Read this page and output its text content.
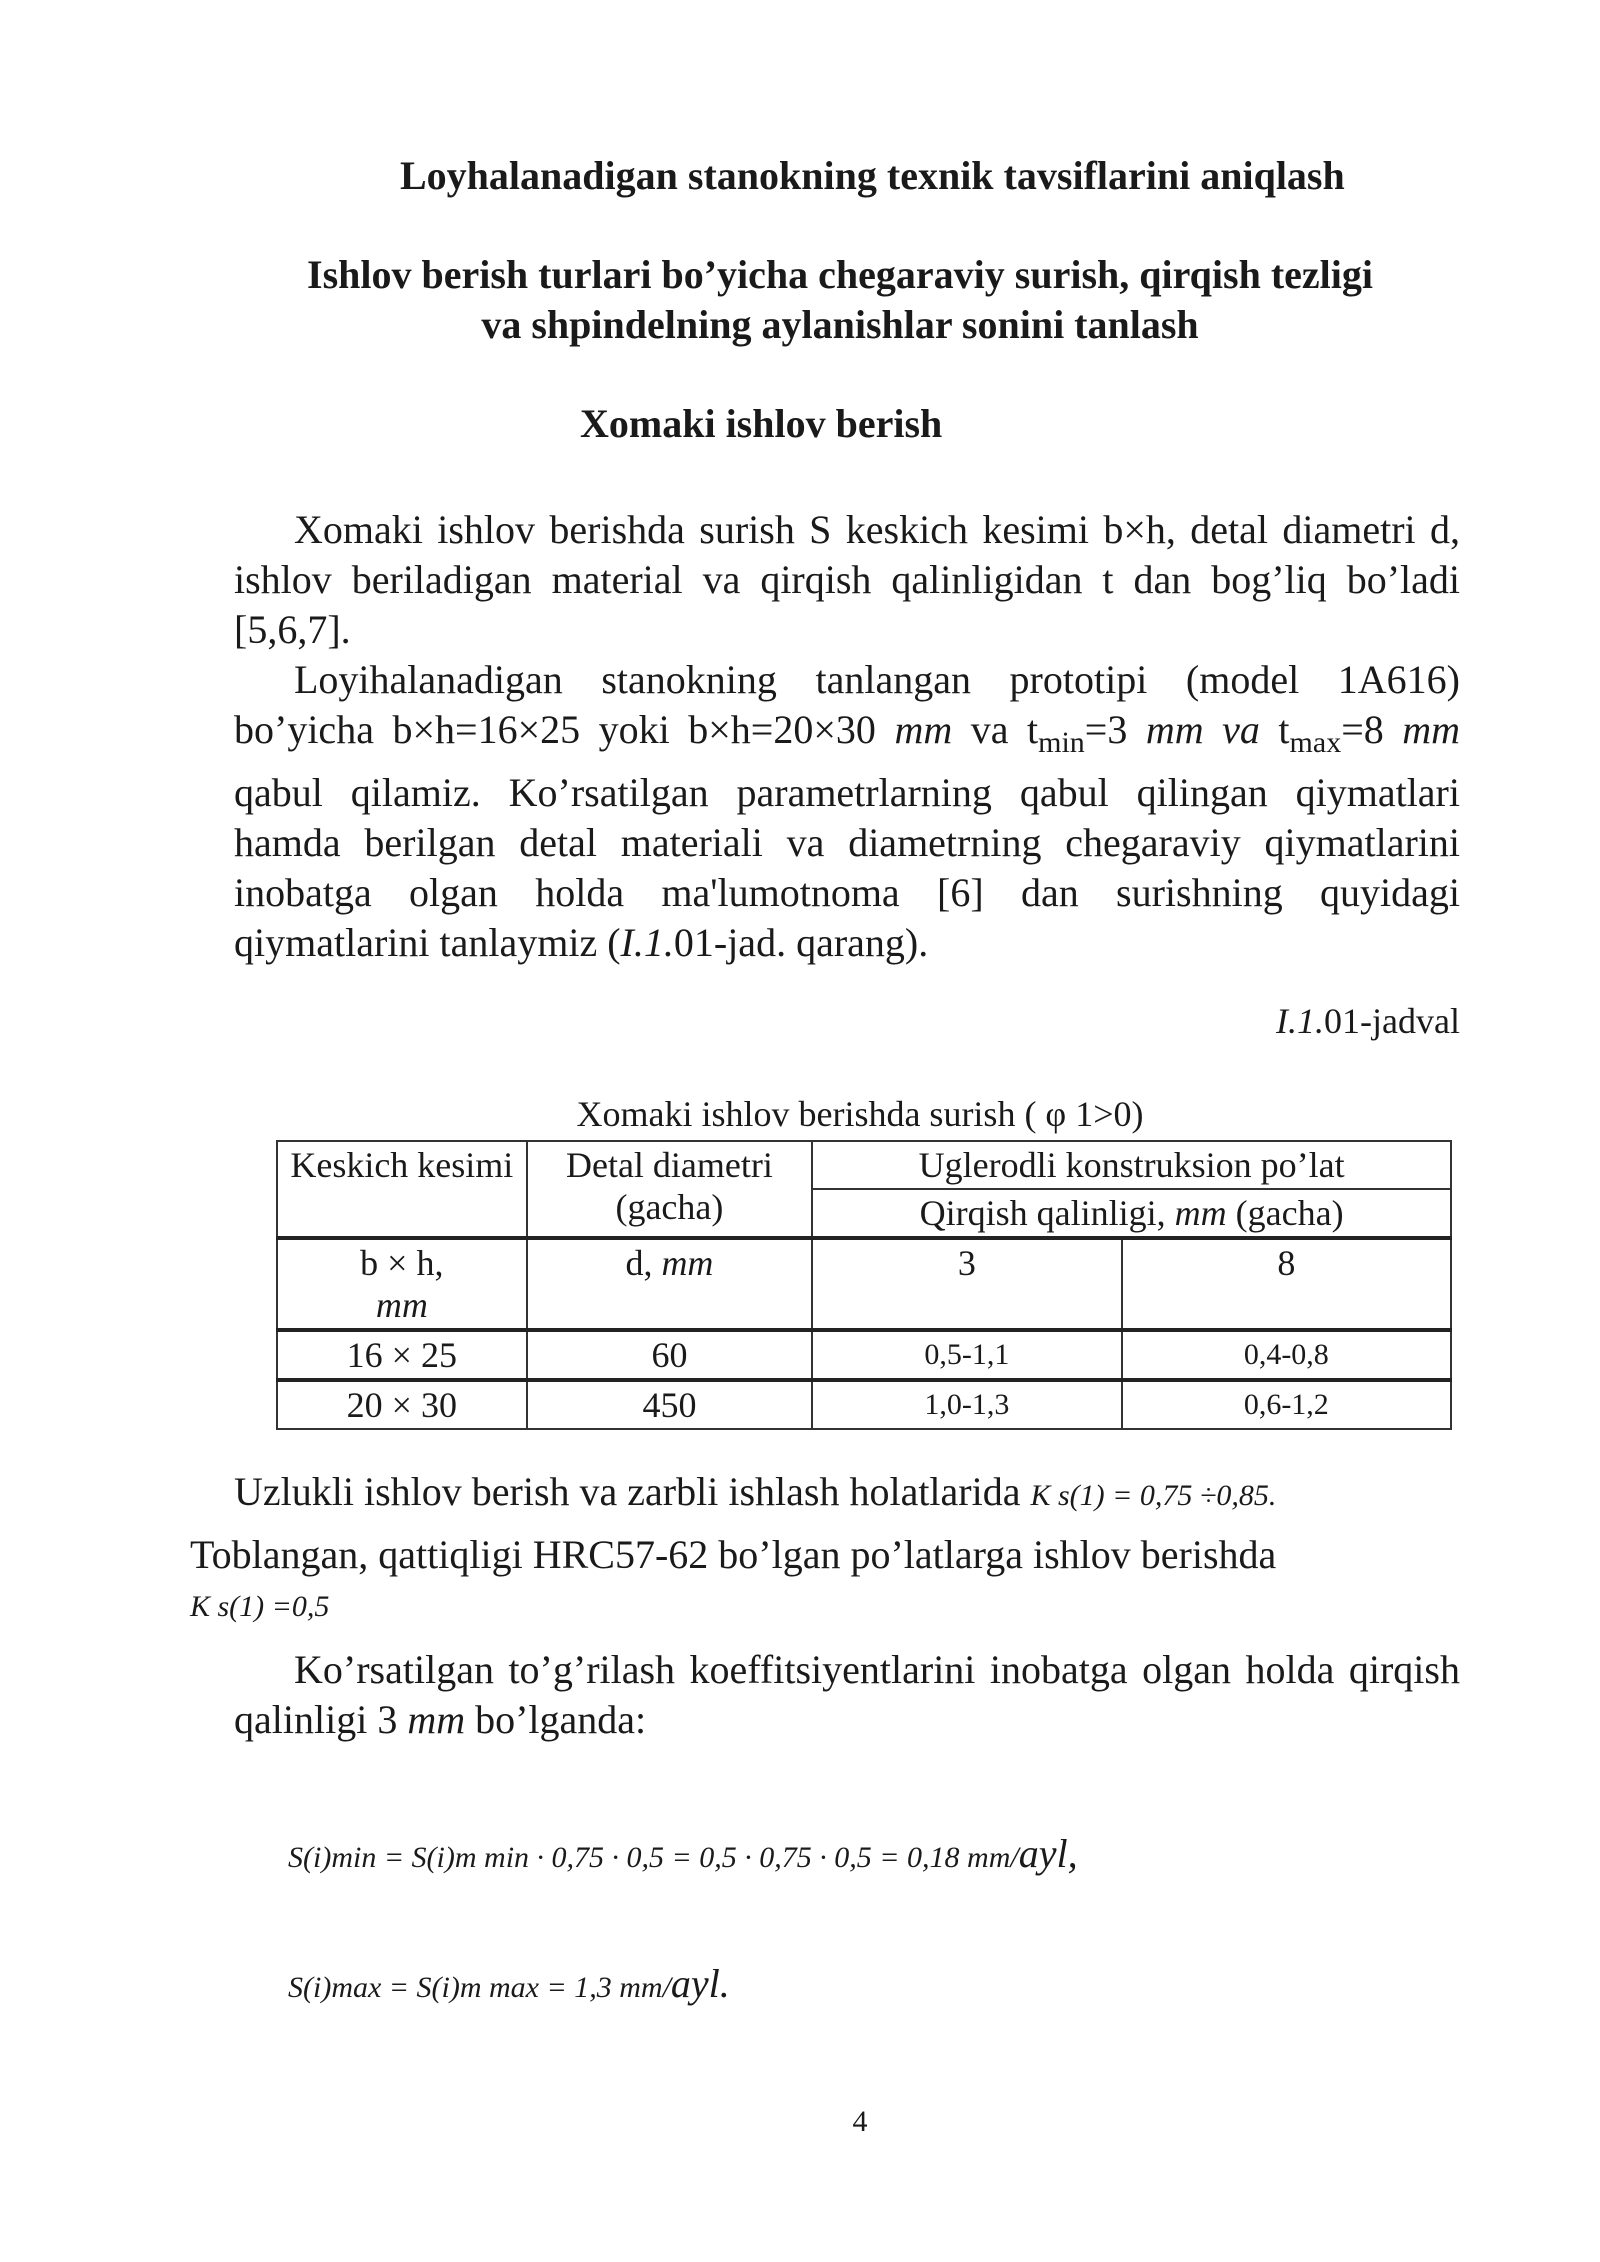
Loyhalanadigan stanokning texnik tavsiflarini aniqlash
Ishlov berish turlari bo’yicha chegaraviy surish, qirqish tezligi va shpindelning aylanishlar sonini tanlash
Xomaki ishlov berish

Xomaki ishlov berishda surish S keskich kesimi b×h, detal diametri d, ishlov beriladigan material va qirqish qalinligidan t dan bog’liq bo’ladi [5,6,7].

Loyihalanadigan stanokning tanlangan prototipi (model 1A616) bo’yicha b×h=16×25 yoki b×h=20×30 mm va $t_{min}=3$ mm va $t_{max}=8$ mm qabul qilamiz. Ko’rsatilgan parametrlarning qabul qilingan qiymatlari hamda berilgan detal materiali va diametrning chegaraviy qiymatlarini inobatga olgan holda ma'lumotnoma [6] dan surishning quyidagi qiymatlarini tanlaymiz (I.1.01-jad. qarang).

I.1.01-jadval
Xomaki ishlov berishda surish ( φ 1>0)
Keskich kesimi	Detal diametri (gacha)	Uglerodli konstruksion po’lat	
		Qirqish qalinligi, mm (gacha)	
b × h,
mm	d, mm	3	8
16 × 25	60	0,5-1,1	0,4-0,8
20 × 30	450	1,0-1,3	0,6-1,2
Uzlukli ishlov berish va zarbli ishlash holatlarida K s(1) = 0,75 ÷0,85.
Toblangan, qattiqligi HRC57-62 bo’lgan po’latlarga ishlov berishda
K s(1) =0,5

Ko’rsatilgan to’g’rilash koeffitsiyentlarini inobatga olgan holda qirqish qalinligi 3 mm bo’lganda:

S(i)min = S(i)m min · 0,75 · 0,5 = 0,5 · 0,75 · 0,5 = 0,18 mm/ayl,
S(i)max = S(i)m max = 1,3 mm/ayl.
4
